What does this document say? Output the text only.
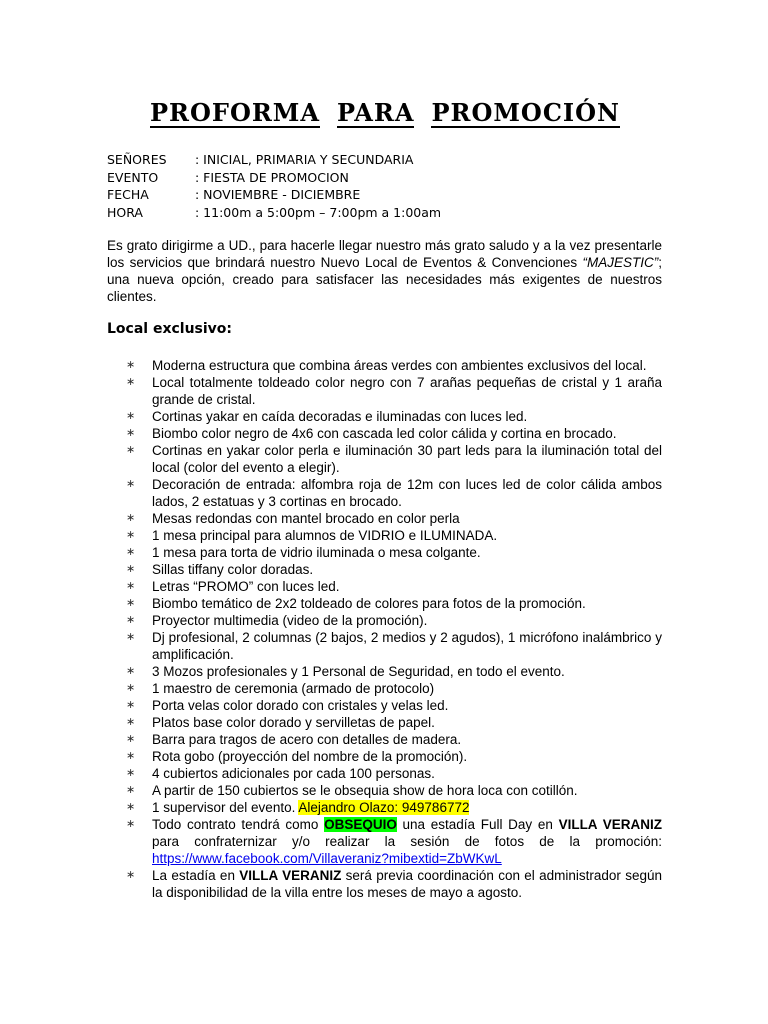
PROFORMA PARA PROMOCIÓN
SEÑORES	: INICIAL, PRIMARIA Y SECUNDARIA
EVENTO	: FIESTA DE PROMOCION
FECHA	: NOVIEMBRE - DICIEMBRE
HORA	: 11:00m a 5:00pm – 7:00pm a 1:00am

Es grato dirigirme a UD., para hacerle llegar nuestro más grato saludo y a la vez presentarle los servicios que brindará nuestro Nuevo Local de Eventos & Convenciones “MAJESTIC”; una nueva opción, creado para satisfacer las necesidades más exigentes de nuestros clientes.

Local exclusivo:
∗ Moderna estructura que combina áreas verdes con ambientes exclusivos del local.
∗ Local totalmente toldeado color negro con 7 arañas pequeñas de cristal y 1 araña grande de cristal.
∗ Cortinas yakar en caída decoradas e iluminadas con luces led.
∗ Biombo color negro de 4x6 con cascada led color cálida y cortina en brocado.
∗ Cortinas en yakar color perla e iluminación 30 part leds para la iluminación total del local (color del evento a elegir).
∗ Decoración de entrada: alfombra roja de 12m con luces led de color cálida ambos lados, 2 estatuas y 3 cortinas en brocado.
∗ Mesas redondas con mantel brocado en color perla
∗ 1 mesa principal para alumnos de VIDRIO e ILUMINADA.
∗ 1 mesa para torta de vidrio iluminada o mesa colgante.
∗ Sillas tiffany color doradas.
∗ Letras “PROMO” con luces led.
∗ Biombo temático de 2x2 toldeado de colores para fotos de la promoción.
∗ Proyector multimedia (video de la promoción).
∗ Dj profesional, 2 columnas (2 bajos, 2 medios y 2 agudos), 1 micrófono inalámbrico y amplificación.
∗ 3 Mozos profesionales y 1 Personal de Seguridad, en todo el evento.
∗ 1 maestro de ceremonia (armado de protocolo)
∗ Porta velas color dorado con cristales y velas led.
∗ Platos base color dorado y servilletas de papel.
∗ Barra para tragos de acero con detalles de madera.
∗ Rota gobo (proyección del nombre de la promoción).
∗ 4 cubiertos adicionales por cada 100 personas.
∗ A partir de 150 cubiertos se le obsequia show de hora loca con cotillón.
∗ 1 supervisor del evento. Alejandro Olazo: 949786772
∗ Todo contrato tendrá como OBSEQUIO una estadía Full Day en VILLA VERANIZ para confraternizar y/o realizar la sesión de fotos de la promoción: https://www.facebook.com/Villaveraniz?mibextid=ZbWKwL
∗ La estadía en VILLA VERANIZ será previa coordinación con el administrador según la disponibilidad de la villa entre los meses de mayo a agosto.
